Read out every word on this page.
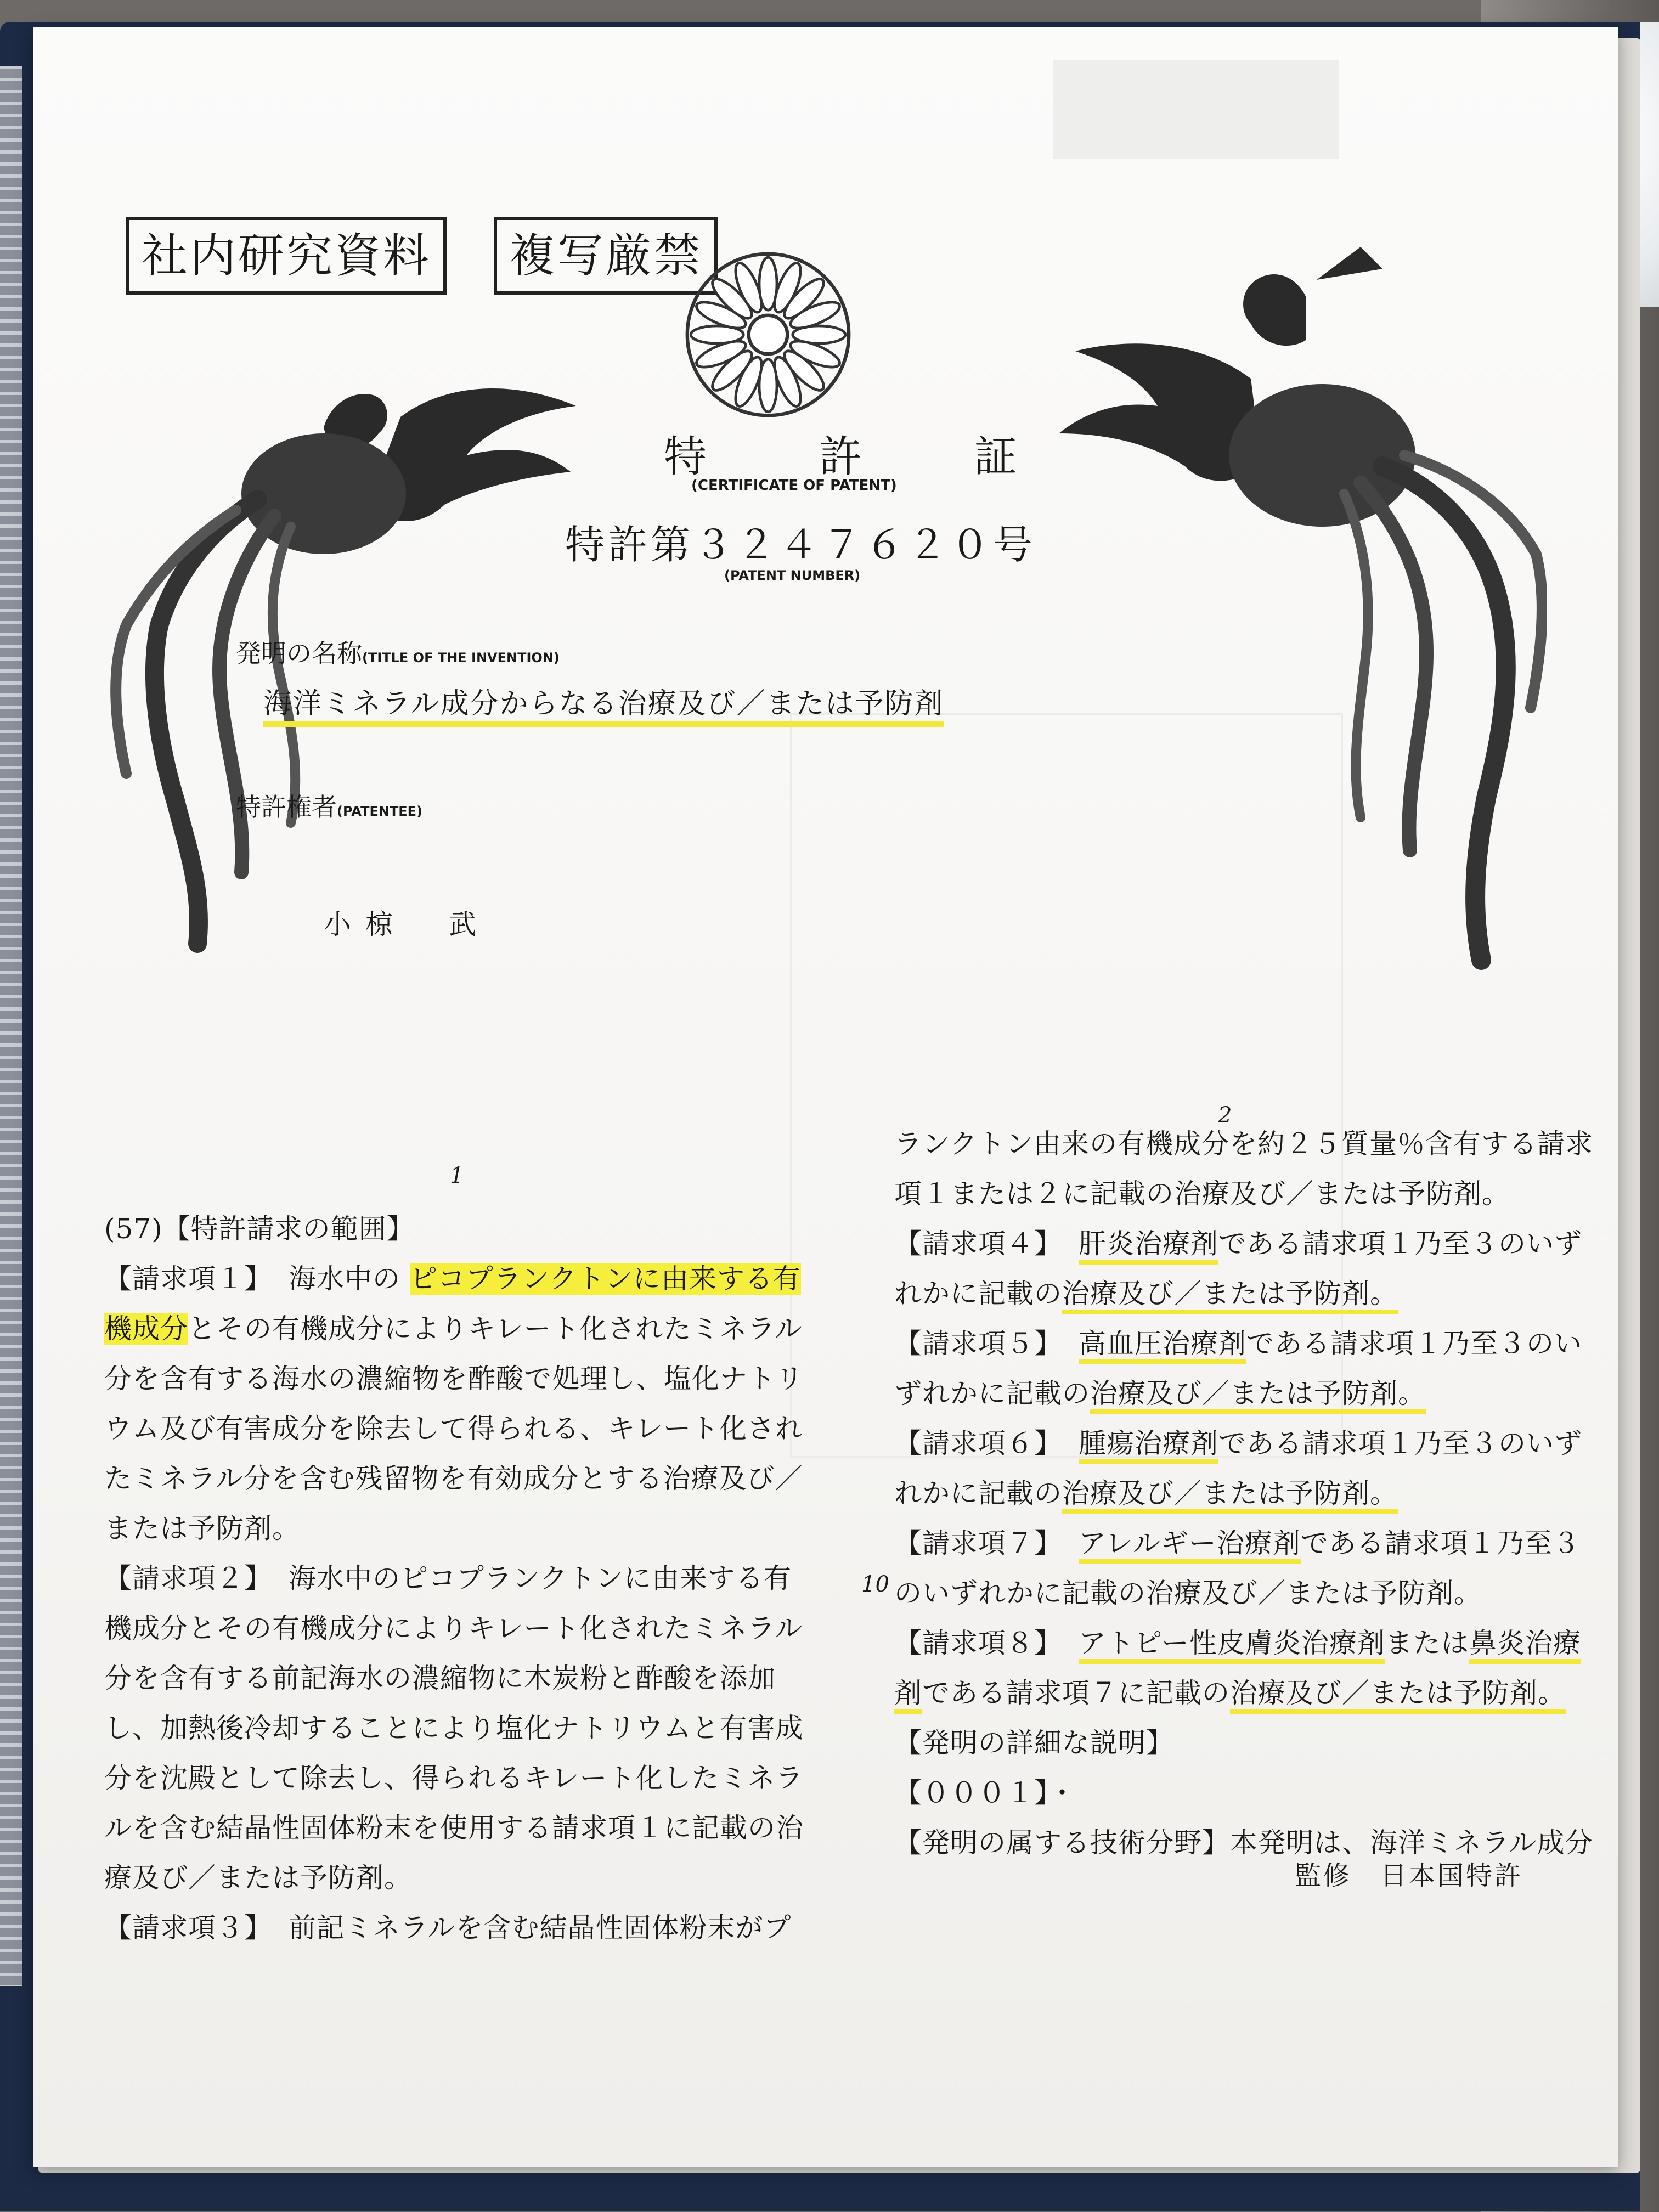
社内研究資料	複写厳禁
特 許 証
(CERTIFICATE OF PATENT)
特許第３２４７６２０号
(PATENT NUMBER)
発明の名称(TITLE OF THE INVENTION)
海洋ミネラル成分からなる治療及び／または予防剤
特許権者(PATENTEE)
小椋　武
1
2
10
(57)【特許請求の範囲】
【請求項１】 海水中の ピコプランクトンに由来する有
機成分とその有機成分によりキレート化されたミネラル
分を含有する海水の濃縮物を酢酸で処理し、塩化ナトリ
ウム及び有害成分を除去して得られる、キレート化され
たミネラル分を含む残留物を有効成分とする治療及び／
または予防剤。
【請求項２】 海水中のピコプランクトンに由来する有
機成分とその有機成分によりキレート化されたミネラル
分を含有する前記海水の濃縮物に木炭粉と酢酸を添加
し、加熱後冷却することにより塩化ナトリウムと有害成
分を沈殿として除去し、得られるキレート化したミネラ
ルを含む結晶性固体粉末を使用する請求項１に記載の治
療及び／または予防剤。
【請求項３】 前記ミネラルを含む結晶性固体粉末がプ
ランクトン由来の有機成分を約２５質量％含有する請求
項１または２に記載の治療及び／または予防剤。
【請求項４】 肝炎治療剤である請求項１乃至３のいず
れかに記載の治療及び／または予防剤。
【請求項５】 高血圧治療剤である請求項１乃至３のい
ずれかに記載の治療及び／または予防剤。
【請求項６】 腫瘍治療剤である請求項１乃至３のいず
れかに記載の治療及び／または予防剤。
【請求項７】 アレルギー治療剤である請求項１乃至３
のいずれかに記載の治療及び／または予防剤。
【請求項８】 アトピー性皮膚炎治療剤または鼻炎治療
剤である請求項７に記載の治療及び／または予防剤。
【発明の詳細な説明】
【０００１】・
【発明の属する技術分野】本発明は、海洋ミネラル成分
監修　日本国特許
